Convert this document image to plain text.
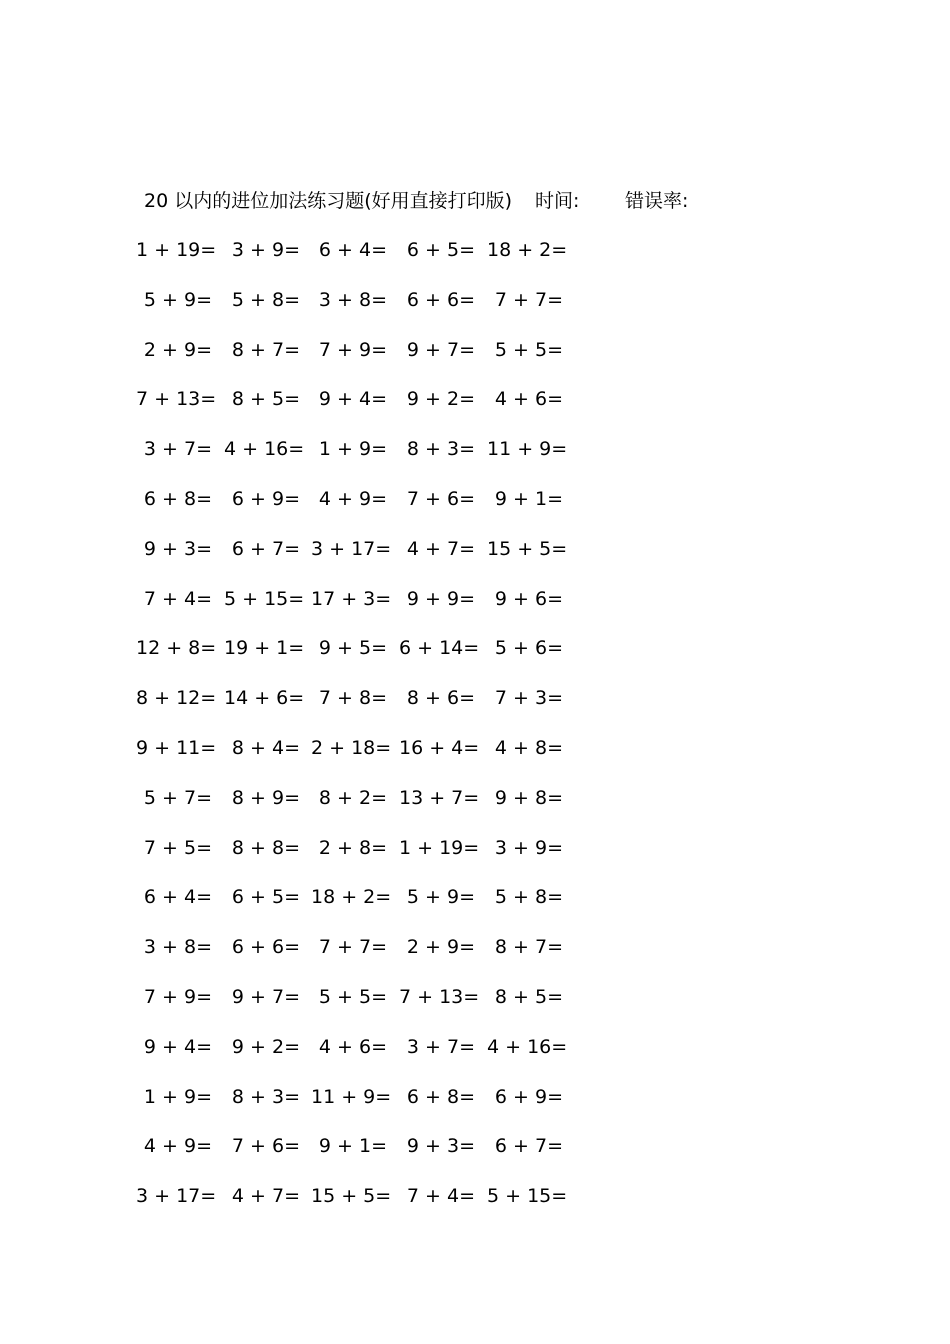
20 以内的进位加法练习题(好用直接打印版) 时间: 错误率:
1 + 19= 3 + 9= 6 + 4=	6 + 5= 18 + 2=
5 + 9=	5 + 8= 3 + 8=	6 + 6=	7 + 7=
2 + 9=	8 + 7= 7 + 9=	9 + 7=	5 + 5=
7 + 13= 8 + 5= 9 + 4=	9 + 2=	4 + 6=
3 + 7= 4 + 16= 1 + 9=	8 + 3= 11 + 9=
6 + 8=	6 + 9= 4 + 9=	7 + 6=	9 + 1=
9 + 3=	6 + 7= 3 + 17= 4 + 7= 15 + 5=
7 + 4= 5 + 15= 17 + 3= 9 + 9=	9 + 6=
12 + 8= 19 + 1= 9 + 5= 6 + 14= 5 + 6=
8 + 12= 14 + 6= 7 + 8=	8 + 6=	7 + 3=
9 + 11= 8 + 4= 2 + 18= 16 + 4= 4 + 8=
5 + 7=	8 + 9= 8 + 2= 13 + 7= 9 + 8=
7 + 5=	8 + 8= 2 + 8= 1 + 19= 3 + 9=
6 + 4=	6 + 5= 18 + 2= 5 + 9=	5 + 8=
3 + 8=	6 + 6= 7 + 7=	2 + 9=	8 + 7=
7 + 9=	9 + 7= 5 + 5= 7 + 13= 8 + 5=
9 + 4=	9 + 2= 4 + 6=	3 + 7= 4 + 16=
1 + 9=	8 + 3= 11 + 9= 6 + 8=	6 + 9=
4 + 9=	7 + 6= 9 + 1=	9 + 3=	6 + 7=
3 + 17= 4 + 7= 15 + 5= 7 + 4= 5 + 15=
